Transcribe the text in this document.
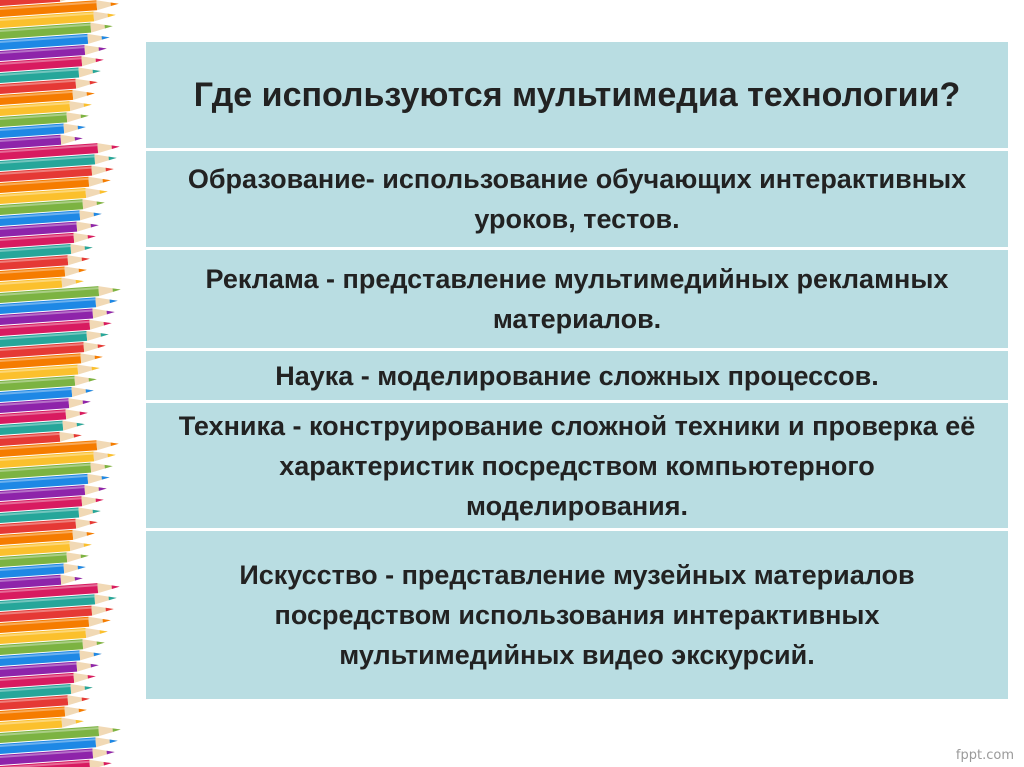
Где используются мультимедиа технологии?
Образование- использование обучающих интерактивных уроков, тестов.
Реклама - представление мультимедийных рекламных материалов.
Наука - моделирование сложных процессов.
Техника - конструирование сложной техники и проверка её характеристик посредством компьютерного моделирования.
Искусство - представление музейных материалов посредством использования интерактивных мультимедийных видео экскурсий.
fppt.com
